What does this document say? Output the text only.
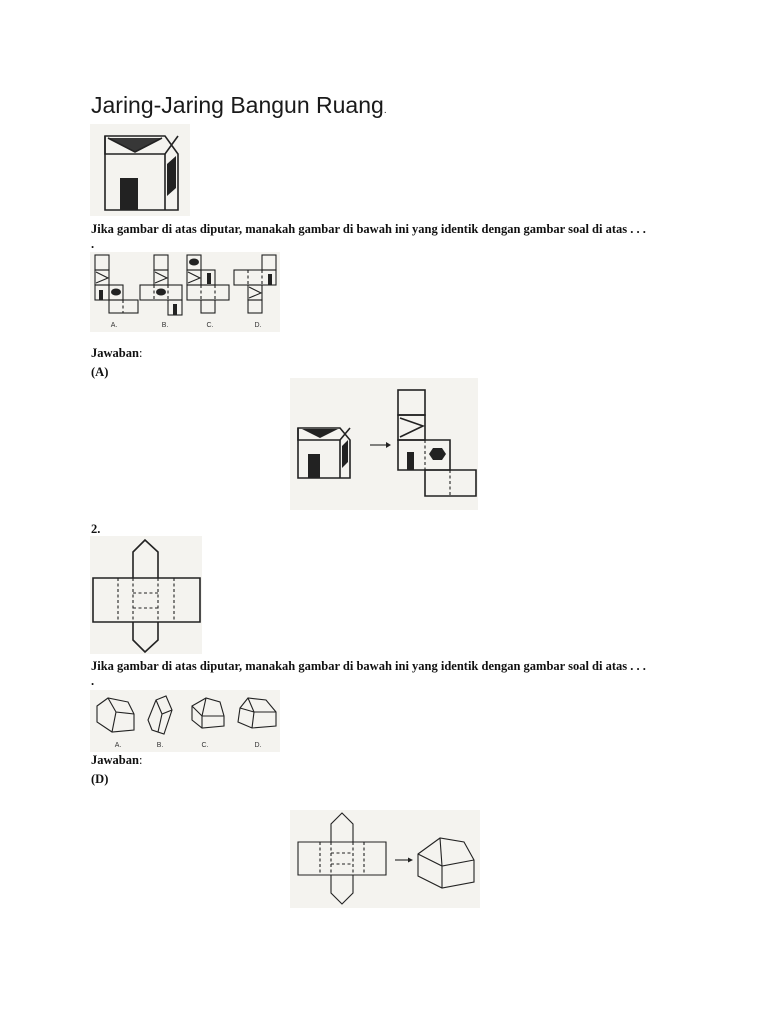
Jaring-Jaring Bangun Ruang.
Jika gambar di atas diputar, manakah gambar di bawah ini yang identik dengan gambar soal di atas . . .
.
A.	B.	C.	D.
Jawaban:
(A)
2.
Jika gambar di atas diputar, manakah gambar di bawah ini yang identik dengan gambar soal di atas . . .
.
A.	B.	C.	D.
Jawaban:
(D)
